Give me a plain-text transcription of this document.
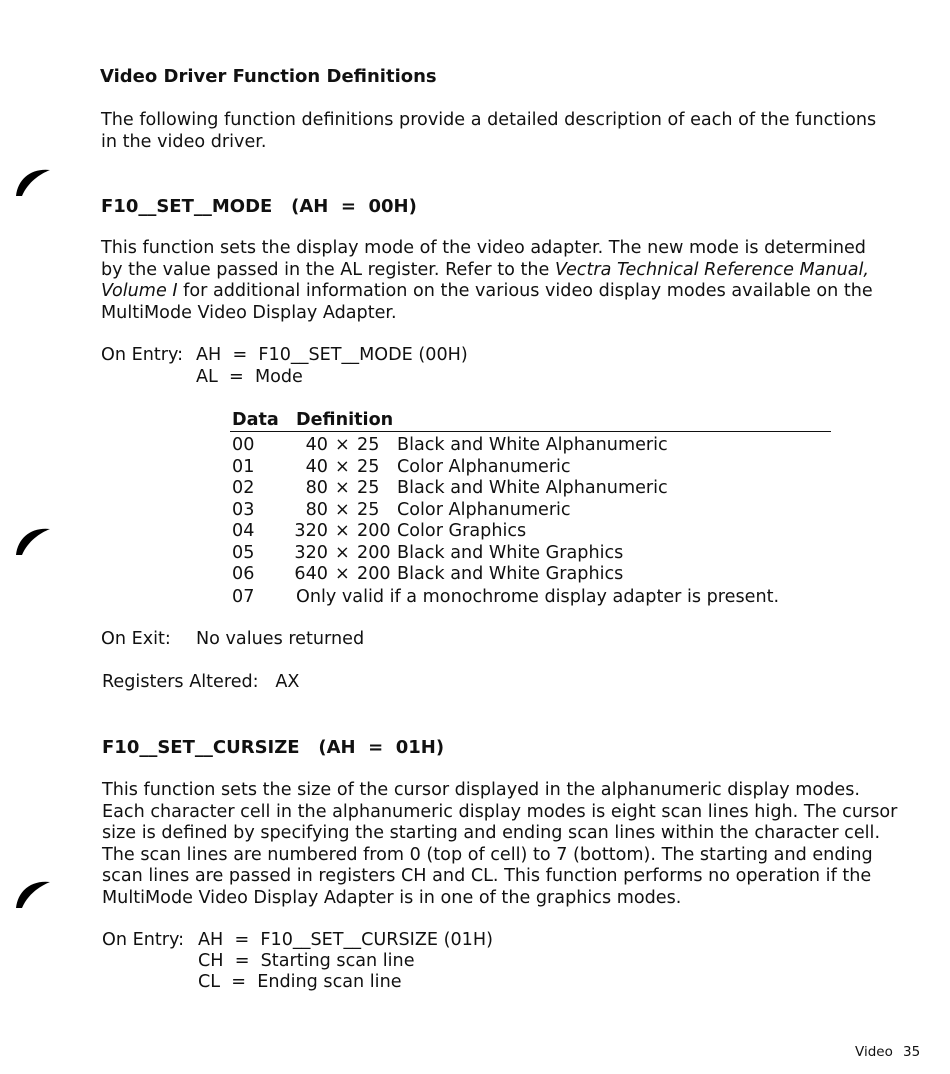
Video Driver Function Definitions
The following function definitions provide a detailed description of each of the functions in the video driver.
F10__SET__MODE   (AH  =  00H)
This function sets the display mode of the video adapter. The new mode is determined by the value passed in the AL register. Refer to the Vectra Technical Reference Manual, Volume I for additional information on the various video display modes available on the MultiMode Video Display Adapter.
On Entry: AH  =  F10__SET__MODE (00H)
AL  =  Mode
Data Definition
00	40 × 25 Black and White Alphanumeric
01	40 × 25 Color Alphanumeric
02	80 × 25 Black and White Alphanumeric
03	80 × 25 Color Alphanumeric
04 320 × 200 Color Graphics
05 320 × 200 Black and White Graphics
06 640 × 200 Black and White Graphics
07 Only valid if a monochrome display adapter is present.
On Exit: No values returned
Registers Altered:   AX
F10__SET__CURSIZE   (AH  =  01H)
This function sets the size of the cursor displayed in the alphanumeric display modes. Each character cell in the alphanumeric display modes is eight scan lines high. The cursor size is defined by specifying the starting and ending scan lines within the character cell. The scan lines are numbered from 0 (top of cell) to 7 (bottom). The starting and ending scan lines are passed in registers CH and CL. This function performs no operation if the MultiMode Video Display Adapter is in one of the graphics modes.
On Entry: AH  =  F10__SET__CURSIZE (01H)
CH  =  Starting scan line
CL  =  Ending scan line
Video 35
